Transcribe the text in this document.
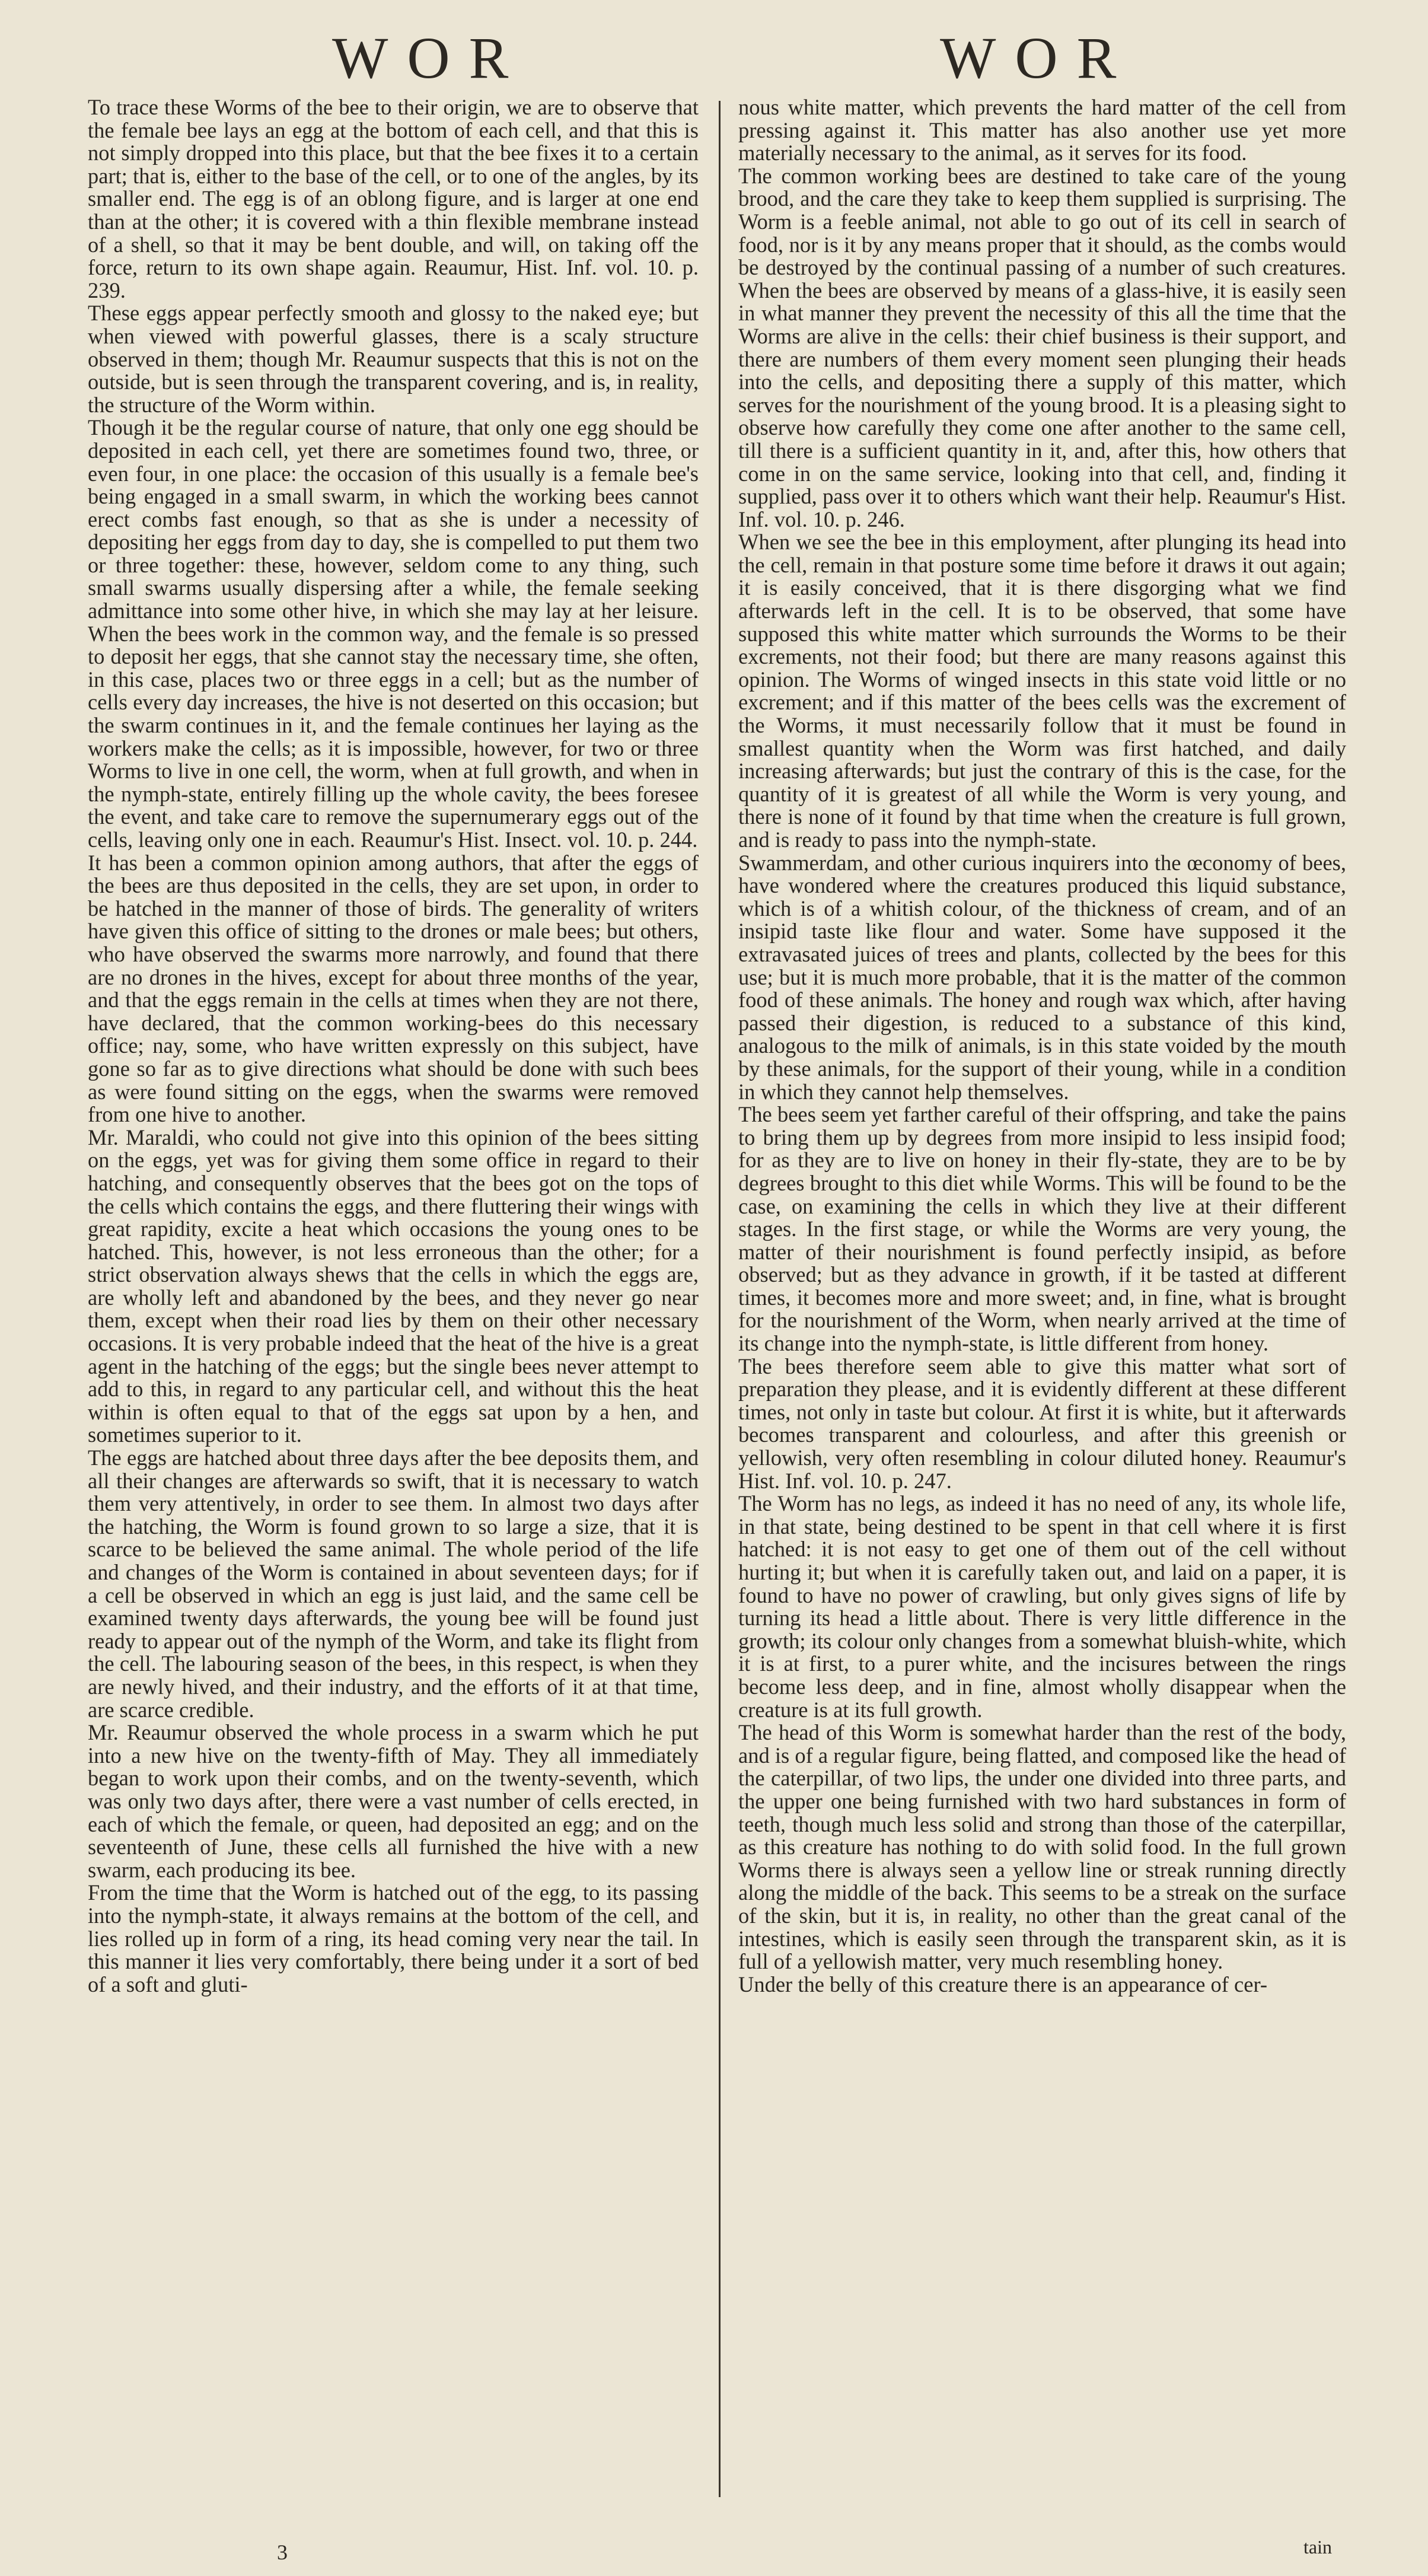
WOR	WOR

To trace these Worms of the bee to their origin, we are to observe that the female bee lays an egg at the bottom of each cell, and that this is not simply dropped into this place, but that the bee fixes it to a certain part; that is, either to the base of the cell, or to one of the angles, by its smaller end. The egg is of an oblong figure, and is larger at one end than at the other; it is covered with a thin flexible membrane instead of a shell, so that it may be bent double, and will, on taking off the force, return to its own shape again. Reaumur, Hist. Inf. vol. 10. p. 239.

These eggs appear perfectly smooth and glossy to the naked eye; but when viewed with powerful glasses, there is a scaly structure observed in them; though Mr. Reaumur suspects that this is not on the outside, but is seen through the transparent covering, and is, in reality, the structure of the Worm within.

Though it be the regular course of nature, that only one egg should be deposited in each cell, yet there are sometimes found two, three, or even four, in one place: the occasion of this usually is a female bee's being engaged in a small swarm, in which the working bees cannot erect combs fast enough, so that as she is under a necessity of depositing her eggs from day to day, she is compelled to put them two or three together: these, however, seldom come to any thing, such small swarms usually dispersing after a while, the female seeking admittance into some other hive, in which she may lay at her leisure. When the bees work in the common way, and the female is so pressed to deposit her eggs, that she cannot stay the necessary time, she often, in this case, places two or three eggs in a cell; but as the number of cells every day increases, the hive is not deserted on this occasion; but the swarm continues in it, and the female continues her laying as the workers make the cells; as it is impossible, however, for two or three Worms to live in one cell, the worm, when at full growth, and when in the nymph-state, entirely filling up the whole cavity, the bees foresee the event, and take care to remove the supernumerary eggs out of the cells, leaving only one in each. Reaumur's Hist. Insect. vol. 10. p. 244.

It has been a common opinion among authors, that after the eggs of the bees are thus deposited in the cells, they are set upon, in order to be hatched in the manner of those of birds. The generality of writers have given this office of sitting to the drones or male bees; but others, who have observed the swarms more narrowly, and found that there are no drones in the hives, except for about three months of the year, and that the eggs remain in the cells at times when they are not there, have declared, that the common working-bees do this necessary office; nay, some, who have written expressly on this subject, have gone so far as to give directions what should be done with such bees as were found sitting on the eggs, when the swarms were removed from one hive to another.

Mr. Maraldi, who could not give into this opinion of the bees sitting on the eggs, yet was for giving them some office in regard to their hatching, and consequently observes that the bees got on the tops of the cells which contains the eggs, and there fluttering their wings with great rapidity, excite a heat which occasions the young ones to be hatched. This, however, is not less erroneous than the other; for a strict observation always shews that the cells in which the eggs are, are wholly left and abandoned by the bees, and they never go near them, except when their road lies by them on their other necessary occasions. It is very probable indeed that the heat of the hive is a great agent in the hatching of the eggs; but the single bees never attempt to add to this, in regard to any particular cell, and without this the heat within is often equal to that of the eggs sat upon by a hen, and sometimes superior to it.

The eggs are hatched about three days after the bee deposits them, and all their changes are afterwards so swift, that it is necessary to watch them very attentively, in order to see them. In almost two days after the hatching, the Worm is found grown to so large a size, that it is scarce to be believed the same animal. The whole period of the life and changes of the Worm is contained in about seventeen days; for if a cell be observed in which an egg is just laid, and the same cell be examined twenty days afterwards, the young bee will be found just ready to appear out of the nymph of the Worm, and take its flight from the cell. The labouring season of the bees, in this respect, is when they are newly hived, and their industry, and the efforts of it at that time, are scarce credible.

Mr. Reaumur observed the whole process in a swarm which he put into a new hive on the twenty-fifth of May. They all immediately began to work upon their combs, and on the twenty-seventh, which was only two days after, there were a vast number of cells erected, in each of which the female, or queen, had deposited an egg; and on the seventeenth of June, these cells all furnished the hive with a new swarm, each producing its bee.

From the time that the Worm is hatched out of the egg, to its passing into the nymph-state, it always remains at the bottom of the cell, and lies rolled up in form of a ring, its head coming very near the tail. In this manner it lies very comfortably, there being under it a sort of bed of a soft and gluti-

nous white matter, which prevents the hard matter of the cell from pressing against it. This matter has also another use yet more materially necessary to the animal, as it serves for its food.

The common working bees are destined to take care of the young brood, and the care they take to keep them supplied is surprising. The Worm is a feeble animal, not able to go out of its cell in search of food, nor is it by any means proper that it should, as the combs would be destroyed by the continual passing of a number of such creatures. When the bees are observed by means of a glass-hive, it is easily seen in what manner they prevent the necessity of this all the time that the Worms are alive in the cells: their chief business is their support, and there are numbers of them every moment seen plunging their heads into the cells, and depositing there a supply of this matter, which serves for the nourishment of the young brood. It is a pleasing sight to observe how carefully they come one after another to the same cell, till there is a sufficient quantity in it, and, after this, how others that come in on the same service, looking into that cell, and, finding it supplied, pass over it to others which want their help. Reaumur's Hist. Inf. vol. 10. p. 246.

When we see the bee in this employment, after plunging its head into the cell, remain in that posture some time before it draws it out again; it is easily conceived, that it is there disgorging what we find afterwards left in the cell. It is to be observed, that some have supposed this white matter which surrounds the Worms to be their excrements, not their food; but there are many reasons against this opinion. The Worms of winged insects in this state void little or no excrement; and if this matter of the bees cells was the excrement of the Worms, it must necessarily follow that it must be found in smallest quantity when the Worm was first hatched, and daily increasing afterwards; but just the contrary of this is the case, for the quantity of it is greatest of all while the Worm is very young, and there is none of it found by that time when the creature is full grown, and is ready to pass into the nymph-state.

Swammerdam, and other curious inquirers into the œconomy of bees, have wondered where the creatures produced this liquid substance, which is of a whitish colour, of the thickness of cream, and of an insipid taste like flour and water. Some have supposed it the extravasated juices of trees and plants, collected by the bees for this use; but it is much more probable, that it is the matter of the common food of these animals. The honey and rough wax which, after having passed their digestion, is reduced to a substance of this kind, analogous to the milk of animals, is in this state voided by the mouth by these animals, for the support of their young, while in a condition in which they cannot help themselves.

The bees seem yet farther careful of their offspring, and take the pains to bring them up by degrees from more insipid to less insipid food; for as they are to live on honey in their fly-state, they are to be by degrees brought to this diet while Worms. This will be found to be the case, on examining the cells in which they live at their different stages. In the first stage, or while the Worms are very young, the matter of their nourishment is found perfectly insipid, as before observed; but as they advance in growth, if it be tasted at different times, it becomes more and more sweet; and, in fine, what is brought for the nourishment of the Worm, when nearly arrived at the time of its change into the nymph-state, is little different from honey.

The bees therefore seem able to give this matter what sort of preparation they please, and it is evidently different at these different times, not only in taste but colour. At first it is white, but it afterwards becomes transparent and colourless, and after this greenish or yellowish, very often resembling in colour diluted honey. Reaumur's Hist. Inf. vol. 10. p. 247.

The Worm has no legs, as indeed it has no need of any, its whole life, in that state, being destined to be spent in that cell where it is first hatched: it is not easy to get one of them out of the cell without hurting it; but when it is carefully taken out, and laid on a paper, it is found to have no power of crawling, but only gives signs of life by turning its head a little about. There is very little difference in the growth; its colour only changes from a somewhat bluish-white, which it is at first, to a purer white, and the incisures between the rings become less deep, and in fine, almost wholly disappear when the creature is at its full growth.

The head of this Worm is somewhat harder than the rest of the body, and is of a regular figure, being flatted, and composed like the head of the caterpillar, of two lips, the under one divided into three parts, and the upper one being furnished with two hard substances in form of teeth, though much less solid and strong than those of the caterpillar, as this creature has nothing to do with solid food. In the full grown Worms there is always seen a yellow line or streak running directly along the middle of the back. This seems to be a streak on the surface of the skin, but it is, in reality, no other than the great canal of the intestines, which is easily seen through the transparent skin, as it is full of a yellowish matter, very much resembling honey.

Under the belly of this creature there is an appearance of cer-

3	tain
